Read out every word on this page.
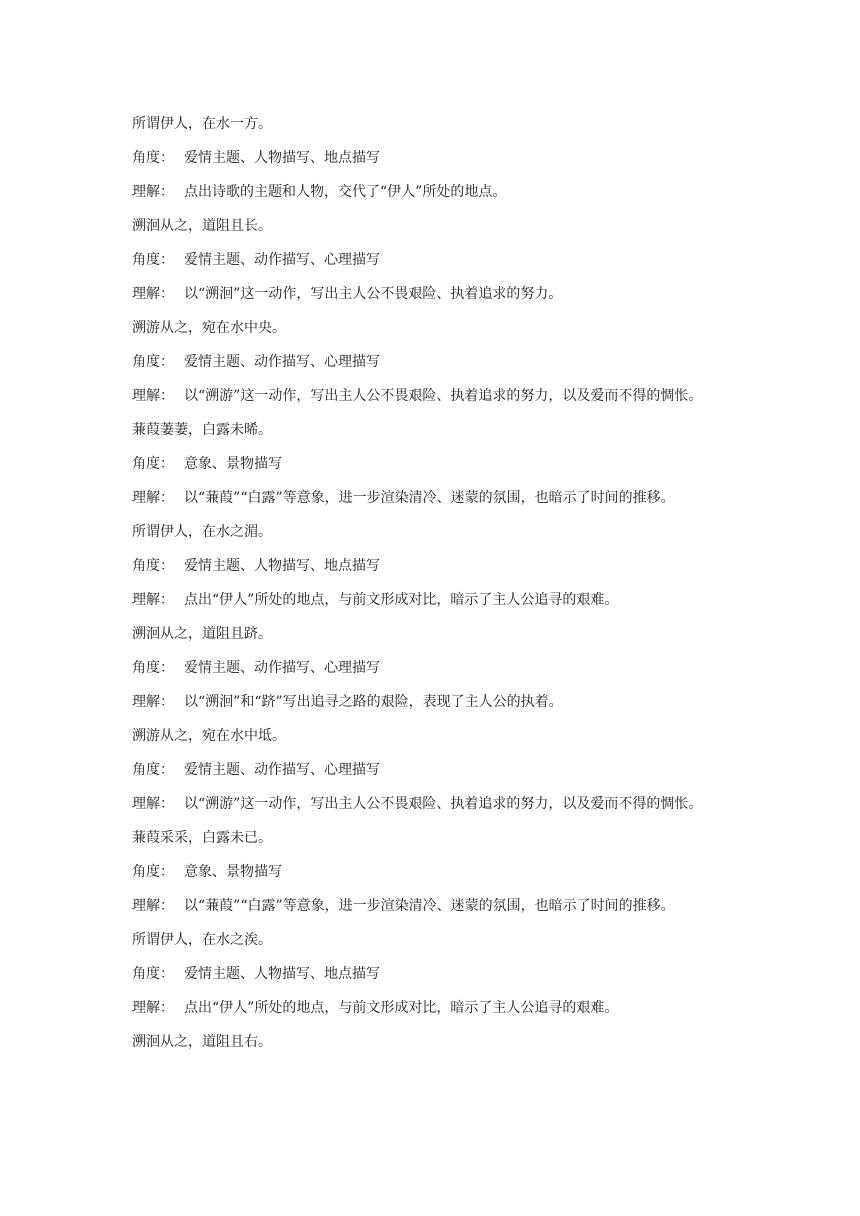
所谓伊人，在水一方。
角度： 爱情主题、人物描写、地点描写
理解： 点出诗歌的主题和人物，交代了“伊人”所处的地点。
溯洄从之，道阻且长。
角度： 爱情主题、动作描写、心理描写
理解： 以“溯洄”这一动作，写出主人公不畏艰险、执着追求的努力。
溯游从之，宛在水中央。
角度： 爱情主题、动作描写、心理描写
理解： 以“溯游”这一动作，写出主人公不畏艰险、执着追求的努力，以及爱而不得的惆怅。
蒹葭萋萋，白露未晞。
角度： 意象、景物描写
理解： 以“蒹葭”“白露”等意象，进一步渲染清冷、迷蒙的氛围，也暗示了时间的推移。
所谓伊人，在水之湄。
角度： 爱情主题、人物描写、地点描写
理解： 点出“伊人”所处的地点，与前文形成对比，暗示了主人公追寻的艰难。
溯洄从之，道阻且跻。
角度： 爱情主题、动作描写、心理描写
理解： 以“溯洄”和“跻”写出追寻之路的艰险，表现了主人公的执着。
溯游从之，宛在水中坻。
角度： 爱情主题、动作描写、心理描写
理解： 以“溯游”这一动作，写出主人公不畏艰险、执着追求的努力，以及爱而不得的惆怅。
蒹葭采采，白露未已。
角度： 意象、景物描写
理解： 以“蒹葭”“白露”等意象，进一步渲染清冷、迷蒙的氛围，也暗示了时间的推移。
所谓伊人，在水之涘。
角度： 爱情主题、人物描写、地点描写
理解： 点出“伊人”所处的地点，与前文形成对比，暗示了主人公追寻的艰难。
溯洄从之，道阻且右。
